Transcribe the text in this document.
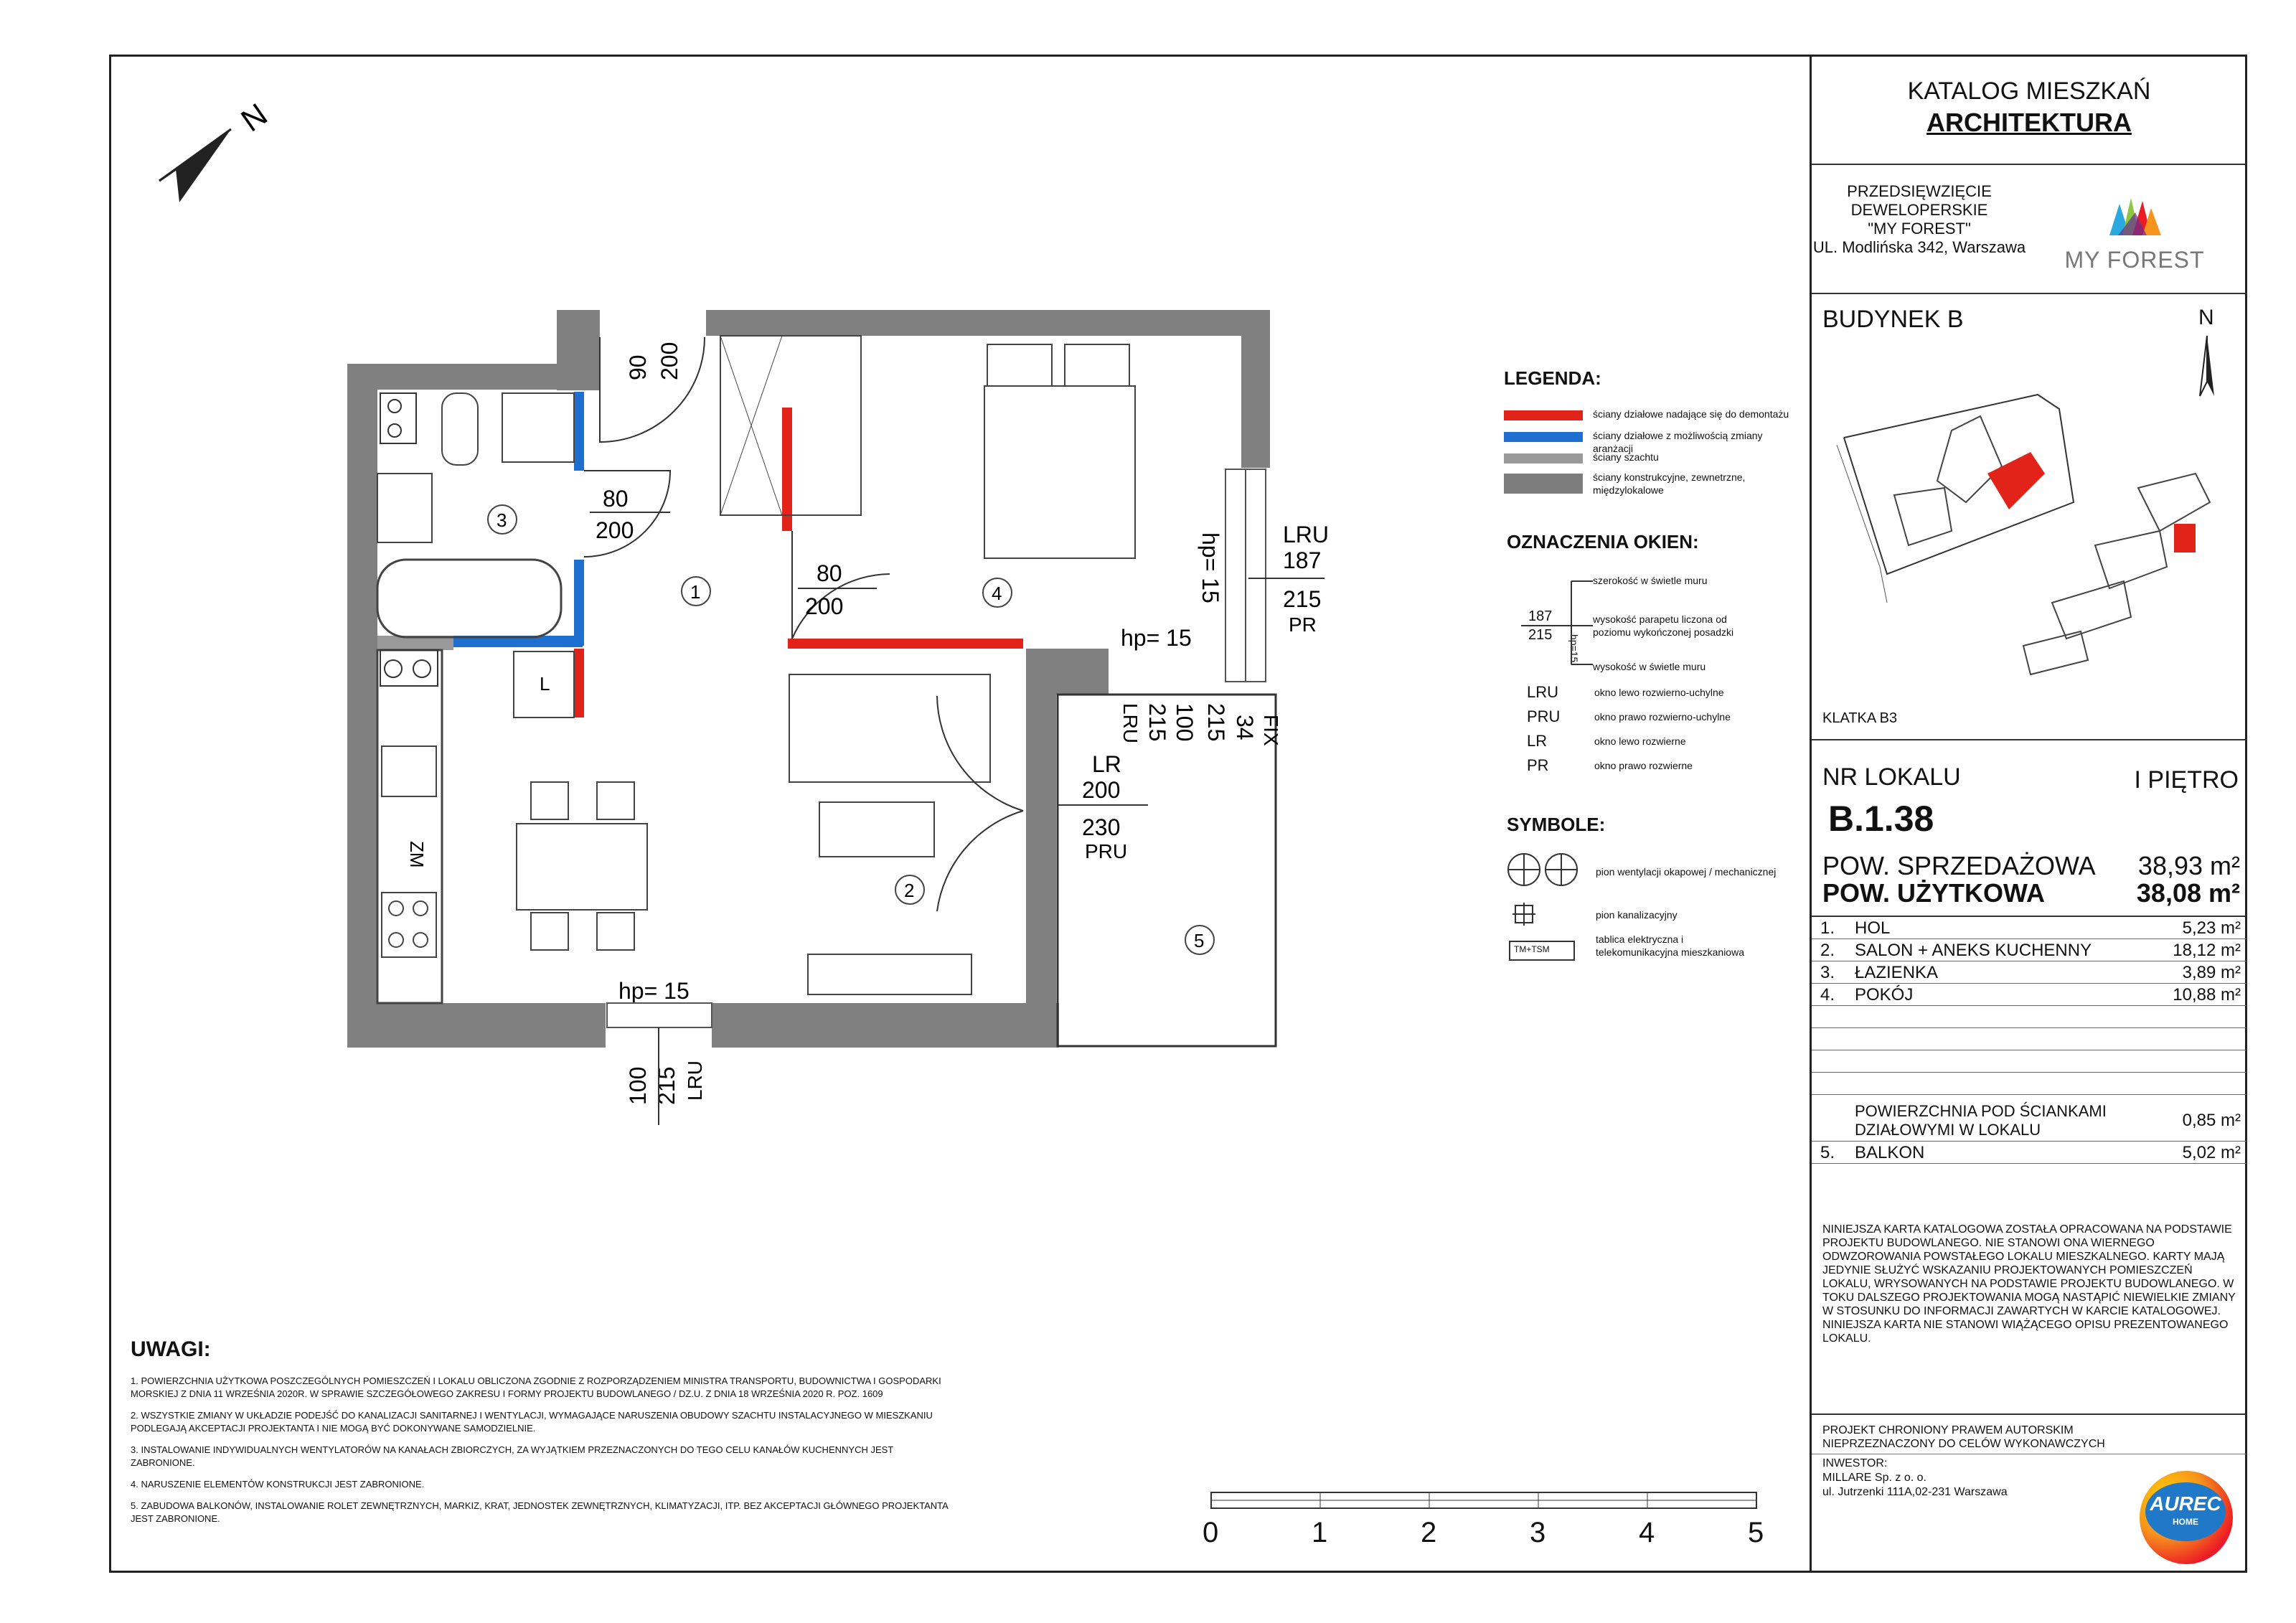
N
ZM
L
1
2
3
4
5
90 200
80
200
80
200
LRU
187
215
PR
hp= 15
hp= 15
215
LRU 100 215 34 FIX
LR
200
230
PRU
hp= 15
100 215 LRU
LEGENDA:
ściany działowe nadające się do demontażu
ściany działowe z możliwością zmiany aranżacji
ściany szachtu
ściany konstrukcyjne, zewnetrzne, międzylokalowe
OZNACZENIA OKIEN:
szerokość w świetle muru
wysokość parapetu liczona od poziomu wykończonej posadzki
wysokość w świetle muru
187
215 hp=15
LRU	okno lewo rozwierno-uchylne
PRU	okno prawo rozwierno-uchylne
LR	okno lewo rozwierne
PR	okno prawo rozwierne
SYMBOLE:
TM+TSM
pion wentylacji okapowej / mechanicznej
pion kanalizacyjny
tablica elektryczna i telekomunikacyjna mieszkaniowa
UWAGI:
1. POWIERZCHNIA UŻYTKOWA POSZCZEGÓLNYCH POMIESZCZEŃ I LOKALU OBLICZONA ZGODNIE Z ROZPORZĄDZENIEM MINISTRA TRANSPORTU, BUDOWNICTWA I GOSPODARKI MORSKIEJ Z DNIA 11 WRZEŚNIA 2020R. W SPRAWIE SZCZEGÓŁOWEGO ZAKRESU I FORMY PROJEKTU BUDOWLANEGO / DZ.U. Z DNIA 18 WRZEŚNIA 2020 R. POZ. 1609
2. WSZYSTKIE ZMIANY W UKŁADZIE PODEJŚĆ DO KANALIZACJI SANITARNEJ I WENTYLACJI, WYMAGAJĄCE NARUSZENIA OBUDOWY SZACHTU INSTALACYJNEGO W MIESZKANIU PODLEGAJĄ AKCEPTACJI PROJEKTANTA I NIE MOGĄ BYĆ DOKONYWANE SAMODZIELNIE.
3. INSTALOWANIE INDYWIDUALNYCH WENTYLATORÓW NA KANAŁACH ZBIORCZYCH, ZA WYJĄTKIEM PRZEZNACZONYCH DO TEGO CELU KANAŁÓW KUCHENNYCH JEST ZABRONIONE.
4. NARUSZENIE ELEMENTÓW KONSTRUKCJI JEST ZABRONIONE.
5. ZABUDOWA BALKONÓW, INSTALOWANIE ROLET ZEWNĘTRZNYCH, MARKIZ, KRAT, JEDNOSTEK ZEWNĘTRZNYCH, KLIMATYZACJI, ITP. BEZ AKCEPTACJI GŁÓWNEGO PROJEKTANTA JEST ZABRONIONE.	0	1	2	3	4	5
KATALOG MIESZKAŃ
ARCHITEKTURA
PRZEDSIĘWZIĘCIE
DEWELOPERSKIE
"MY FOREST"
UL. Modlińska 342, Warszawa MY FOREST
BUDYNEK B	N
KLATKA B3
NR LOKALU	I PIĘTRO
B.1.38
POW. SPRZEDAŻOWA	38,93 m²
POW. UŻYTKOWA	38,08 m²
1. HOL	5,23 m²
2. SALON + ANEKS KUCHENNY	18,12 m²
3. ŁAZIENKA	3,89 m²
4. POKÓJ	10,88 m²
POWIERZCHNIA POD ŚCIANKAMI
DZIAŁOWYMI W LOKALU	0,85 m²
5. BALKON	5,02 m²
NINIEJSZA KARTA KATALOGOWA ZOSTAŁA OPRACOWANA NA PODSTAWIE PROJEKTU BUDOWLANEGO. NIE STANOWI ONA WIERNEGO ODWZOROWANIA POWSTAŁEGO LOKALU MIESZKALNEGO. KARTY MAJĄ JEDYNIE SŁUŻYĆ WSKAZANIU PROJEKTOWANYCH POMIESZCZEŃ LOKALU, WRYSOWANYCH NA PODSTAWIE PROJEKTU BUDOWLANEGO. W TOKU DALSZEGO PROJEKTOWANIA MOGĄ NASTĄPIĆ NIEWIELKIE ZMIANY W STOSUNKU DO INFORMACJI ZAWARTYCH W KARCIE KATALOGOWEJ. NINIEJSZA KARTA NIE STANOWI WIĄŻĄCEGO OPISU PREZENTOWANEGO LOKALU.
PROJEKT CHRONIONY PRAWEM AUTORSKIM
NIEPRZEZNACZONY DO CELÓW WYKONAWCZYCH
INWESTOR:
MILLARE Sp. z o. o.
ul. Jutrzenki 111A,02-231 Warszawa
AUREC
HOME
